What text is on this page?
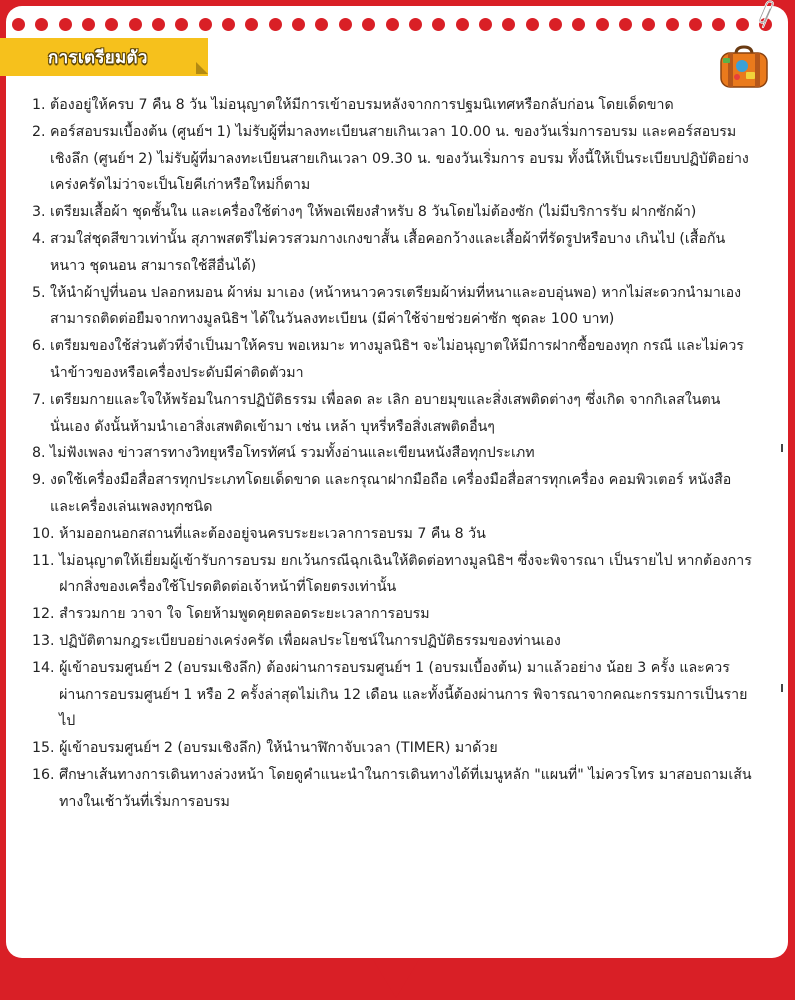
การเตรียมตัว
1. ต้องอยู่ให้ครบ 7 คืน 8 วัน ไม่อนุญาตให้มีการเข้าอบรมหลังจากการปฐมนิเทศหรือกลับก่อน โดยเด็ดขาด
2. คอร์สอบรมเบื้องต้น (ศูนย์ฯ 1) ไม่รับผู้ที่มาลงทะเบียนสายเกินเวลา 10.00 น. ของวันเริ่มการอบรม และคอร์สอบรมเชิงลึก (ศูนย์ฯ 2) ไม่รับผู้ที่มาลงทะเบียนสายเกินเวลา 09.30 น. ของวันเริ่มการ อบรม ทั้งนี้ให้เป็นระเบียบปฏิบัติอย่างเคร่งครัดไม่ว่าจะเป็นโยคีเก่าหรือใหม่ก็ตาม
3. เตรียมเสื้อผ้า ชุดชั้นใน และเครื่องใช้ต่างๆ ให้พอเพียงสำหรับ 8 วันโดยไม่ต้องซัก (ไม่มีบริการรับ ฝากซักผ้า)
4. สวมใส่ชุดสีขาวเท่านั้น สุภาพสตรีไม่ควรสวมกางเกงขาสั้น เสื้อคอกว้างและเสื้อผ้าที่รัดรูปหรือบาง เกินไป (เสื้อกันหนาว ชุดนอน สามารถใช้สีอื่นได้)
5. ให้นำผ้าปูที่นอน ปลอกหมอน ผ้าห่ม มาเอง (หน้าหนาวควรเตรียมผ้าห่มที่หนาและอบอุ่นพอ) หากไม่สะดวกนำมาเอง สามารถติดต่อยืมจากทางมูลนิธิฯ ได้ในวันลงทะเบียน (มีค่าใช้จ่ายช่วยค่าซัก ชุดละ 100 บาท)
6. เตรียมของใช้ส่วนตัวที่จำเป็นมาให้ครบ พอเหมาะ ทางมูลนิธิฯ จะไม่อนุญาตให้มีการฝากซื้อของทุก กรณี และไม่ควรนำข้าวของหรือเครื่องประดับมีค่าติดตัวมา
7. เตรียมกายและใจให้พร้อมในการปฏิบัติธรรม เพื่อลด ละ เลิก อบายมุขและสิ่งเสพติดต่างๆ ซึ่งเกิด จากกิเลสในตนนั่นเอง ดังนั้นห้ามนำเอาสิ่งเสพติดเข้ามา เช่น เหล้า บุหรี่หรือสิ่งเสพติดอื่นๆ
8. ไม่ฟังเพลง ข่าวสารทางวิทยุหรือโทรทัศน์ รวมทั้งอ่านและเขียนหนังสือทุกประเภท
9. งดใช้เครื่องมือสื่อสารทุกประเภทโดยเด็ดขาด และกรุณาฝากมือถือ เครื่องมือสื่อสารทุกเครื่อง คอมพิวเตอร์ หนังสือ และเครื่องเล่นเพลงทุกชนิด
10. ห้ามออกนอกสถานที่และต้องอยู่จนครบระยะเวลาการอบรม 7 คืน 8 วัน
11. ไม่อนุญาตให้เยี่ยมผู้เข้ารับการอบรม ยกเว้นกรณีฉุกเฉินให้ติดต่อทางมูลนิธิฯ ซึ่งจะพิจารณา เป็นรายไป หากต้องการฝากสิ่งของเครื่องใช้โปรดติดต่อเจ้าหน้าที่โดยตรงเท่านั้น
12. สำรวมกาย วาจา ใจ โดยห้ามพูดคุยตลอดระยะเวลาการอบรม
13. ปฏิบัติตามกฎระเบียบอย่างเคร่งครัด เพื่อผลประโยชน์ในการปฏิบัติธรรมของท่านเอง
14. ผู้เข้าอบรมศูนย์ฯ 2 (อบรมเชิงลึก) ต้องผ่านการอบรมศูนย์ฯ 1 (อบรมเบื้องต้น) มาแล้วอย่าง น้อย 3 ครั้ง และควรผ่านการอบรมศูนย์ฯ 1 หรือ 2 ครั้งล่าสุดไม่เกิน 12 เดือน และทั้งนี้ต้องผ่านการ พิจารณาจากคณะกรรมการเป็นรายไป
15. ผู้เข้าอบรมศูนย์ฯ 2 (อบรมเชิงลึก) ให้นำนาฬิกาจับเวลา (TIMER) มาด้วย
16. ศึกษาเส้นทางการเดินทางล่วงหน้า โดยดูคำแนะนำในการเดินทางได้ที่เมนูหลัก "แผนที่" ไม่ควรโทร มาสอบถามเส้นทางในเช้าวันที่เริ่มการอบรม
